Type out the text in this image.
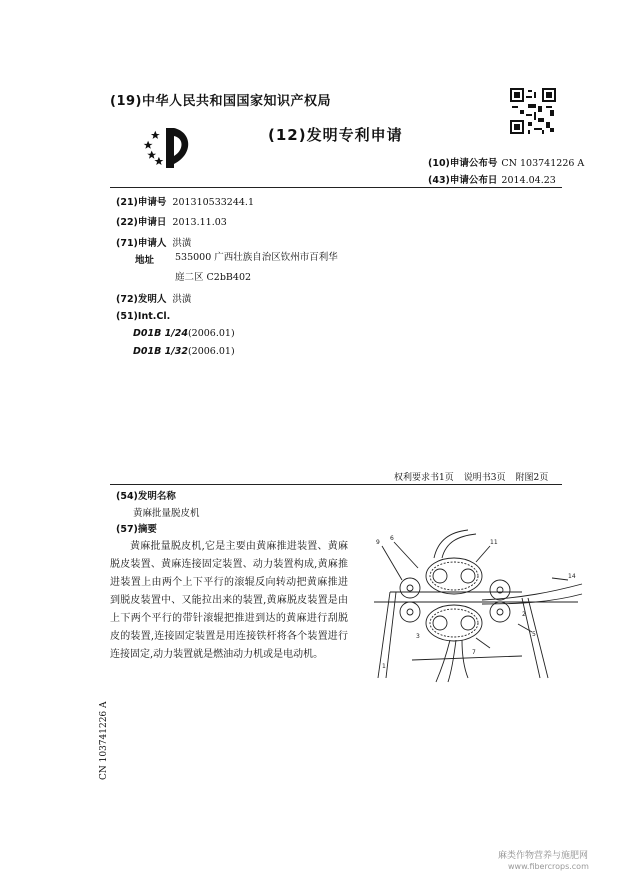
(19)中华人民共和国国家知识产权局
(12)发明专利申请
(10)申请公布号 CN 103741226 A
(43)申请公布日 2014.04.23
(21)申请号 201310533244.1
(22)申请日 2013.11.03
(71)申请人 洪潢
地址 535000 广西壮族自治区钦州市百利华
庭二区 C2bB402
(72)发明人 洪潢
(51)Int.Cl.
D01B 1/24(2006.01)
D01B 1/32(2006.01)
权利要求书1页 说明书3页 附图2页
(54)发明名称
黄麻批量脱皮机
(57)摘要
黄麻批量脱皮机,它是主要由黄麻推进装置、黄麻脱皮装置、黄麻连接固定装置、动力装置构成,黄麻推进装置上由两个上下平行的滚辊反向转动把黄麻推进到脱皮装置中、又能拉出来的装置,黄麻脱皮装置是由上下两个平行的带针滚辊把推进到达的黄麻进行刮脱皮的装置,连接固定装置是用连接铁杆将各个装置进行连接固定,动力装置就是燃油动力机或是电动机。
9
6
11
14
5
7
2
1
3
CN 103741226 A
麻类作物营养与施肥网
www.fibercrops.com
